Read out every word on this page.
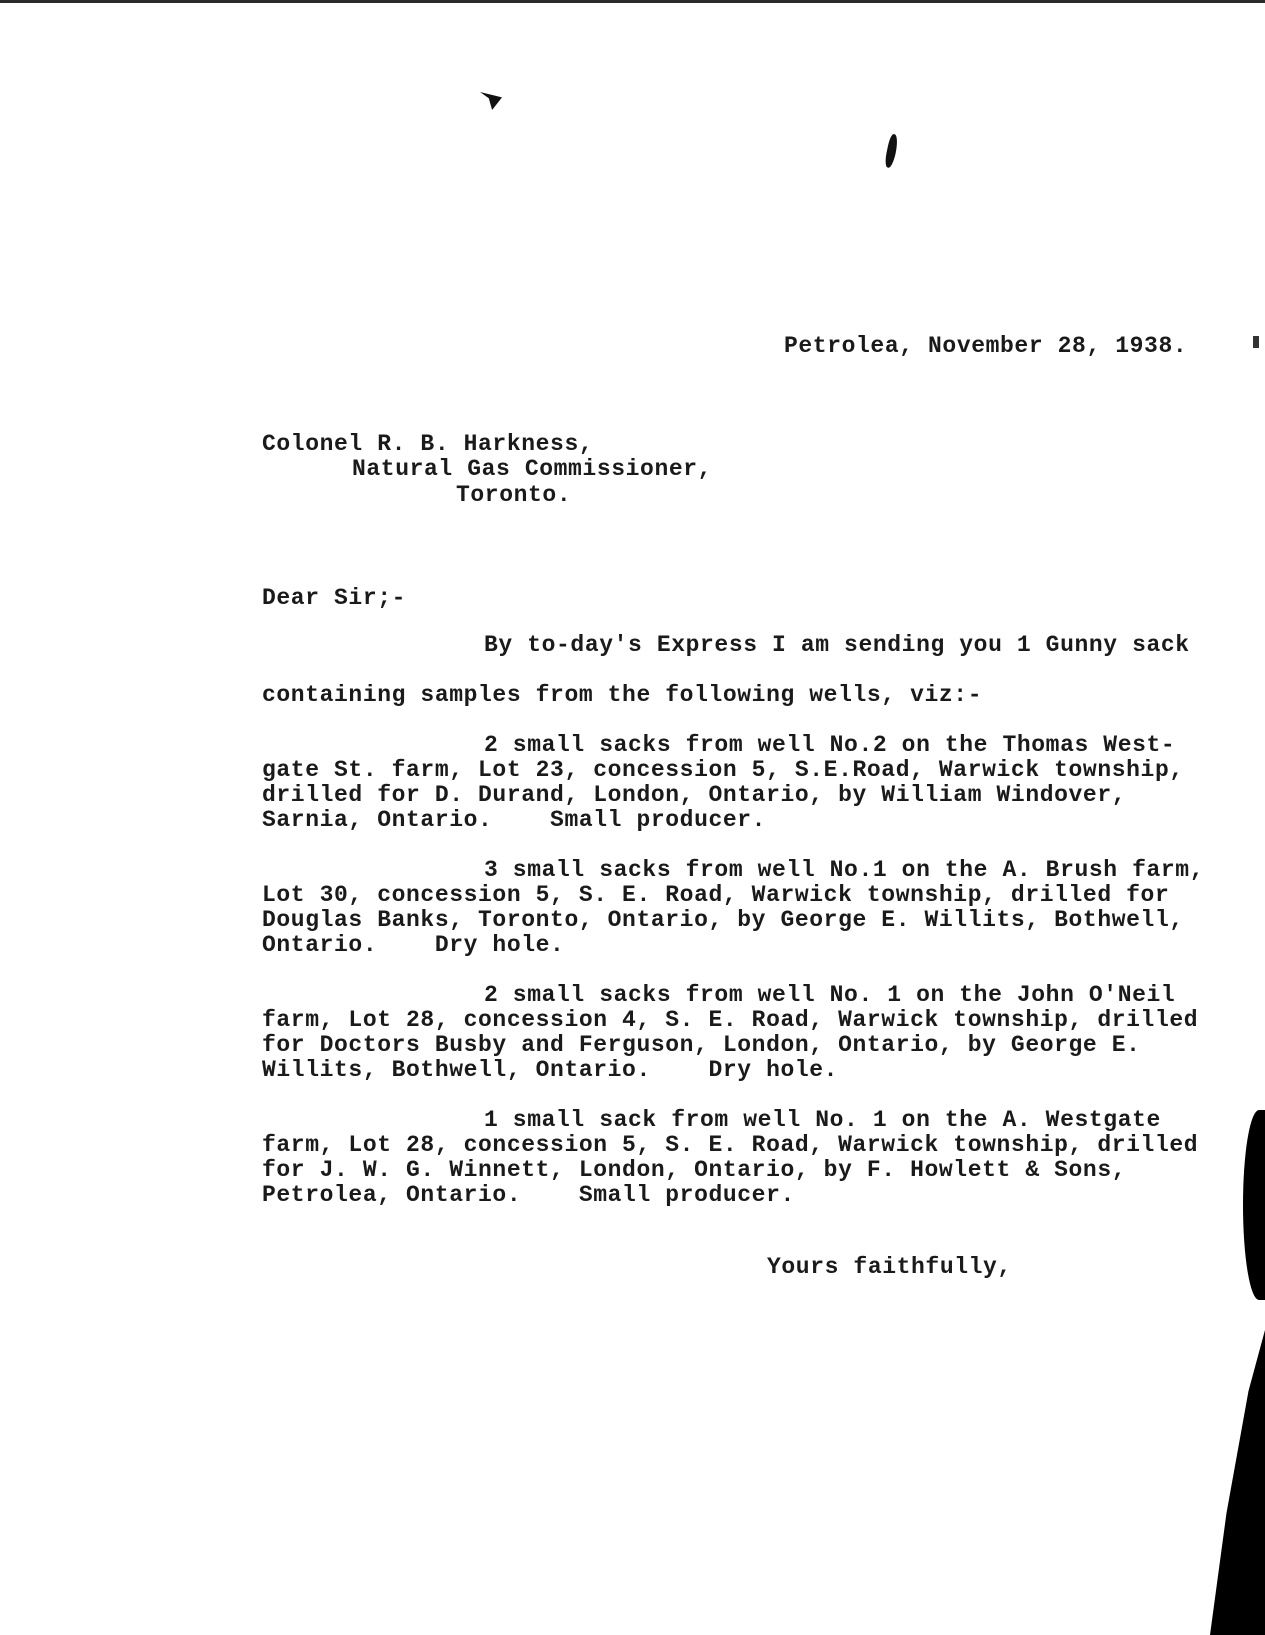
Petrolea, November 28, 1938.
Colonel R. B. Harkness,
Natural Gas Commissioner,
Toronto.
Dear Sir;-
By to-day's Express I am sending you 1 Gunny sack
containing samples from the following wells, viz:-
2 small sacks from well No.2 on the Thomas West-
gate St. farm, Lot 23, concession 5, S.E.Road, Warwick township,
drilled for D. Durand, London, Ontario, by William Windover,
Sarnia, Ontario.    Small producer.
3 small sacks from well No.1 on the A. Brush farm,
Lot 30, concession 5, S. E. Road, Warwick township, drilled for
Douglas Banks, Toronto, Ontario, by George E. Willits, Bothwell,
Ontario.    Dry hole.
2 small sacks from well No. 1 on the John O'Neil
farm, Lot 28, concession 4, S. E. Road, Warwick township, drilled
for Doctors Busby and Ferguson, London, Ontario, by George E.
Willits, Bothwell, Ontario.    Dry hole.
1 small sack from well No. 1 on the A. Westgate
farm, Lot 28, concession 5, S. E. Road, Warwick township, drilled
for J. W. G. Winnett, London, Ontario, by F. Howlett & Sons,
Petrolea, Ontario.    Small producer.
Yours faithfully,
